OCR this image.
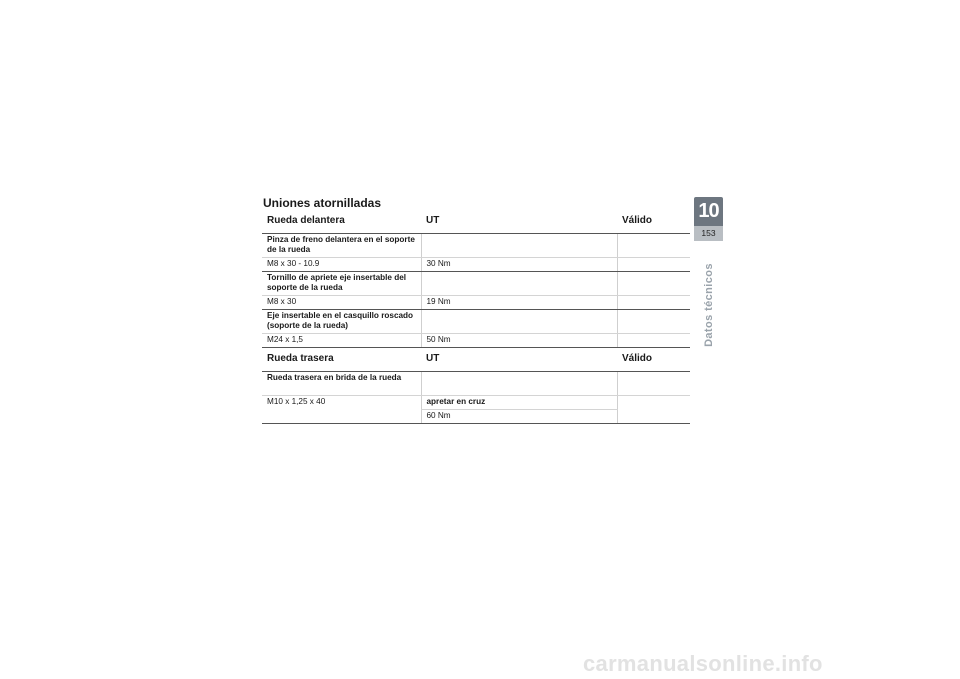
Uniones atornilladas
Rueda delantera	UT	Válido
Pinza de freno delantera en el soporte de la rueda		
M8 x 30 - 10.9	30 Nm	
Tornillo de apriete eje insertable del soporte de la rueda		
M8 x 30	19 Nm	
Eje insertable en el casquillo roscado (soporte de la rueda)		
M24 x 1,5	50 Nm	
Rueda trasera	UT	Válido
Rueda trasera en brida de la rueda		
M10 x 1,25 x 40	apretar en cruz	
	60 Nm	
10
153
Datos técnicos
carmanualsonline.info
